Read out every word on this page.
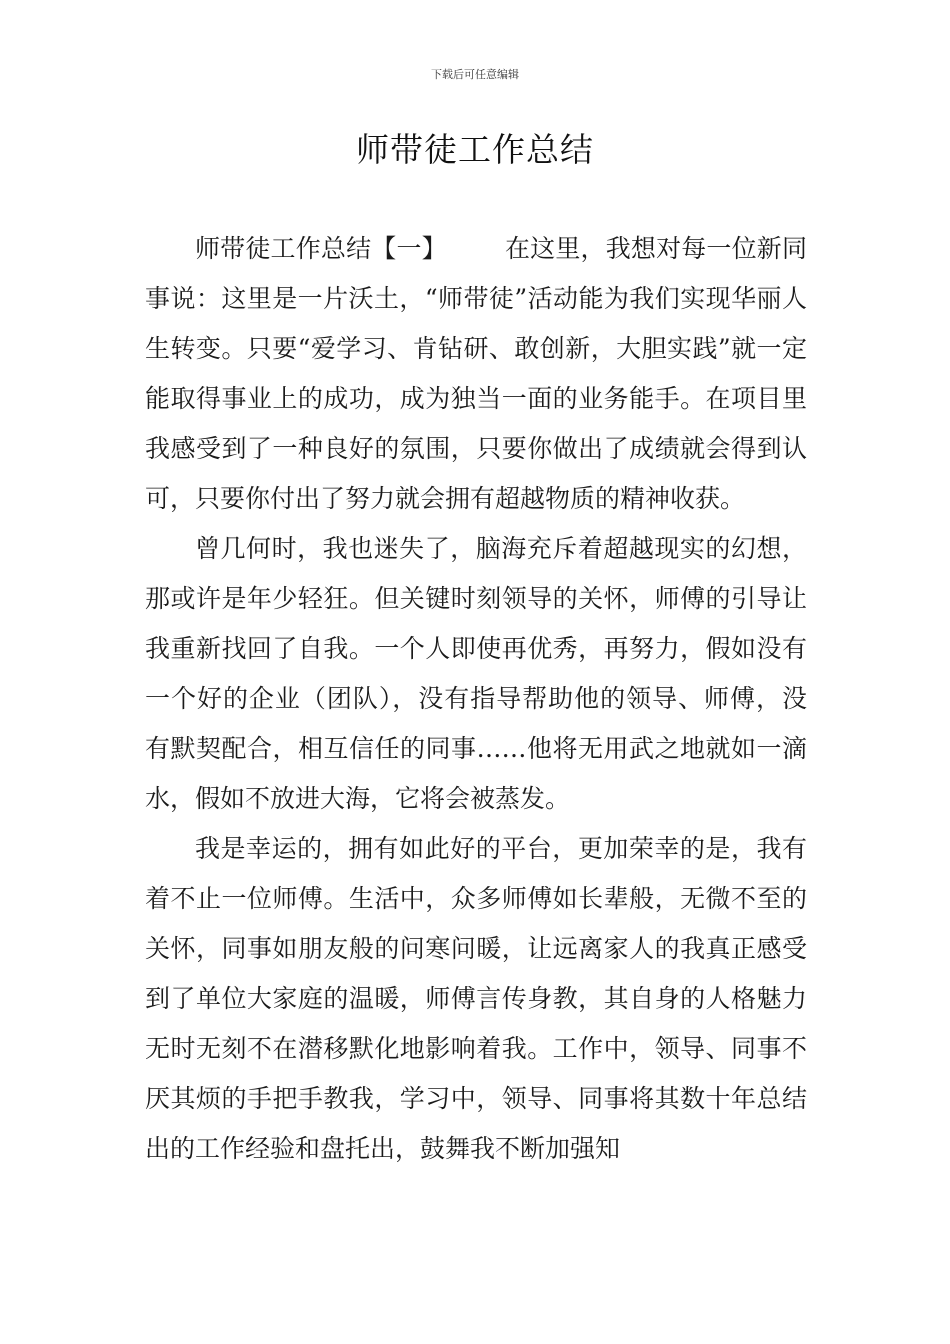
下载后可任意编辑
师带徒工作总结

师带徒工作总结【一】 在这里，我想对每一位新同事说：这里是一片沃土，“师带徒”活动能为我们实现华丽人生转变。只要“爱学习、肯钻研、敢创新，大胆实践”就一定能取得事业上的成功，成为独当一面的业务能手。在项目里我感受到了一种良好的氛围，只要你做出了成绩就会得到认可，只要你付出了努力就会拥有超越物质的精神收获。

曾几何时，我也迷失了，脑海充斥着超越现实的幻想，那或许是年少轻狂。但关键时刻领导的关怀，师傅的引导让我重新找回了自我。一个人即使再优秀，再努力，假如没有一个好的企业（团队），没有指导帮助他的领导、师傅，没有默契配合，相互信任的同事……他将无用武之地就如一滴水，假如不放进大海，它将会被蒸发。

我是幸运的，拥有如此好的平台，更加荣幸的是，我有着不止一位师傅。生活中，众多师傅如长辈般，无微不至的关怀，同事如朋友般的问寒问暖，让远离家人的我真正感受到了单位大家庭的温暖，师傅言传身教，其自身的人格魅力无时无刻不在潜移默化地影响着我。工作中，领导、同事不厌其烦的手把手教我，学习中，领导、同事将其数十年总结出的工作经验和盘托出，鼓舞我不断加强知
